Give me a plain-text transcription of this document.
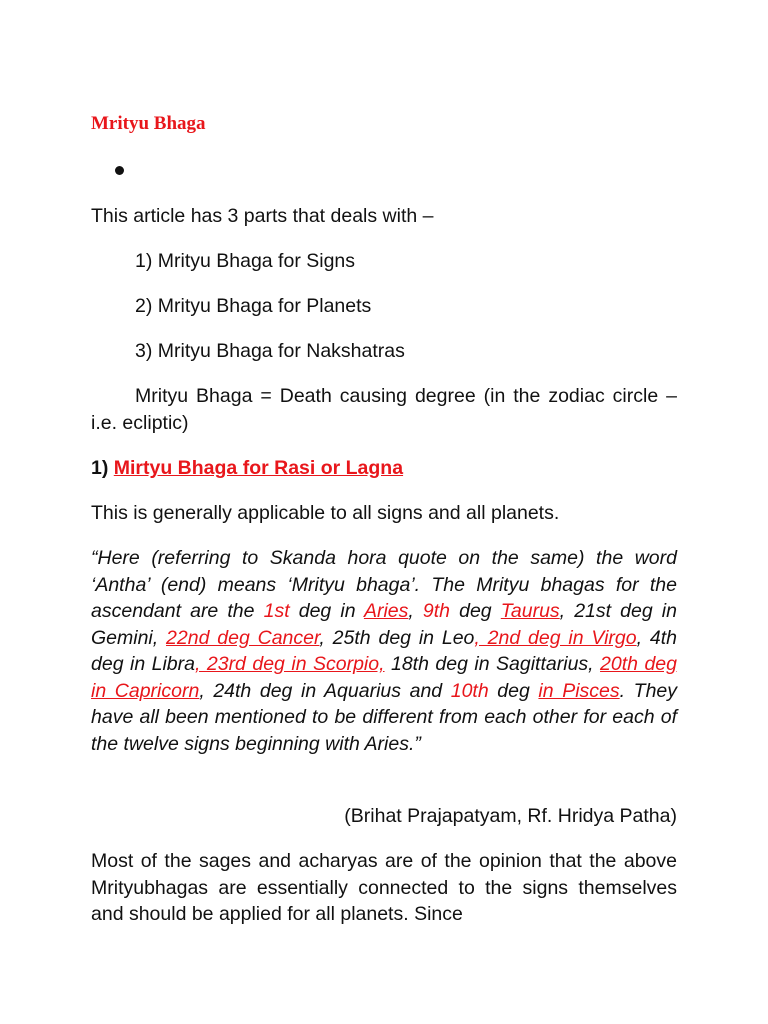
Mrityu Bhaga

This article has 3 parts that deals with –

1) Mrityu Bhaga for Signs
2) Mrityu Bhaga for Planets
3) Mrityu Bhaga for Nakshatras

Mrityu Bhaga = Death causing degree (in the zodiac circle – i.e. ecliptic)

1) Mirtyu Bhaga for Rasi or Lagna

This is generally applicable to all signs and all planets.

“Here (referring to Skanda hora quote on the same) the word ‘Antha’ (end) means ‘Mrityu bhaga’. The Mrityu bhagas for the ascendant are the 1st deg in Aries, 9th deg Taurus, 21st deg in Gemini, 22nd deg Cancer, 25th deg in Leo, 2nd deg in Virgo, 4th deg in Libra, 23rd deg in Scorpio, 18th deg in Sagittarius, 20th deg in Capricorn, 24th deg in Aquarius and 10th deg in Pisces. They have all been mentioned to be different from each other for each of the twelve signs beginning with Aries.”

(Brihat Prajapatyam, Rf. Hridya Patha)

Most of the sages and acharyas are of the opinion that the above Mrityubhagas are essentially connected to the signs themselves and should be applied for all planets. Since
